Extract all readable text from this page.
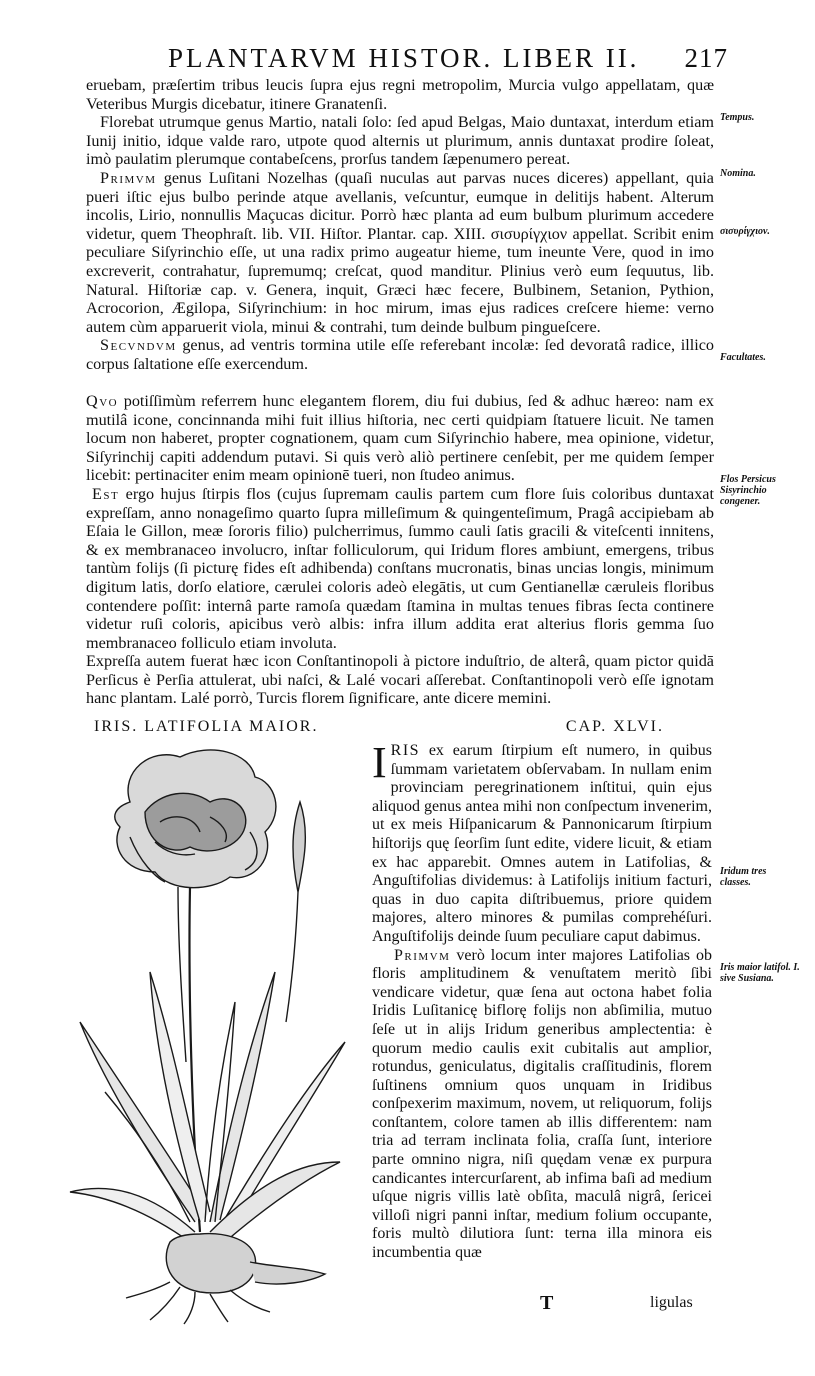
PLANTARVM HISTOR. LIBER II. 217

eruebam, præſertim tribus leucis ſupra ejus regni metropolim, Murcia vulgo appellatam, quæ Veteribus Murgis dicebatur, itinere Granatenſi.

Florebat utrumque genus Martio, natali ſolo: ſed apud Belgas, Maio duntaxat, interdum etiam Iunij initio, idque valde raro, utpote quod alternis ut plurimum, annis duntaxat prodire ſoleat, imò paulatim plerumque contabeſcens, prorſus tandem ſæpenumero pereat.

Primvm genus Luſitani Nozelhas (quaſi nuculas aut parvas nuces diceres) appellant, quia pueri iſtic ejus bulbo perinde atque avellanis, veſcuntur, eumque in delitijs habent. Alterum incolis, Lirio, nonnullis Maçucas dicitur. Porrò hæc planta ad eum bulbum plurimum accedere videtur, quem Theophraſt. lib. VII. Hiſtor. Plantar. cap. XIII. σισυρίγχιον appellat. Scribit enim peculiare Siſyrinchio eſſe, ut una radix primo augeatur hieme, tum ineunte Vere, quod in imo excreverit, contrahatur, ſupremumq; creſcat, quod manditur. Plinius verò eum ſequutus, lib. Natural. Hiſtoriæ cap. v. Genera, inquit, Græci hæc fecere, Bulbinem, Setanion, Pythion, Acrocorion, Ægilopa, Siſyrinchium: in hoc mirum, imas ejus radices creſcere hieme: verno autem cùm apparuerit viola, minui & contrahi, tum deinde bulbum pingueſcere.

Secvndvm genus, ad ventris tormina utile eſſe referebant incolæ: ſed devoratâ radice, illico corpus ſaltatione eſſe exercendum.

Qvo potiſſimùm referrem hunc elegantem florem, diu fui dubius, ſed & adhuc hæreo: nam ex mutilâ icone, concinnanda mihi fuit illius hiſtoria, nec certi quidpiam ſtatuere licuit. Ne tamen locum non haberet, propter cognationem, quam cum Siſyrinchio habere, mea opinione, videtur, Siſyrinchij capiti addendum putavi. Si quis verò aliò pertinere cenſebit, per me quidem ſemper licebit: pertinaciter enim meam opinionē tueri, non ſtudeo animus.

Est ergo hujus ſtirpis flos (cujus ſupremam caulis partem cum flore ſuis coloribus duntaxat expreſſam, anno nonageſimo quarto ſupra milleſimum & quingenteſimum, Pragâ accipiebam ab Eſaia le Gillon, meæ ſororis filio) pulcherrimus, ſummo cauli ſatis gracili & viteſcenti innitens, & ex membranaceo involucro, inſtar folliculorum, qui Iridum flores ambiunt, emergens, tribus tantùm folijs (ſi picturę fides eſt adhibenda) conſtans mucronatis, binas uncias longis, minimum digitum latis, dorſo elatiore, cærulei coloris adeò elegātis, ut cum Gentianellæ cæruleis floribus contendere poſſit: internâ parte ramoſa quædam ſtamina in multas tenues fibras ſecta continere videtur ruſi coloris, apicibus verò albis: infra illum addita erat alterius floris gemma ſuo membranaceo folliculo etiam involuta.

Expreſſa autem fuerat hæc icon Conſtantinopoli à pictore induſtrio, de alterâ, quam pictor quidā Perſicus è Perſia attulerat, ubi naſci, & Lalé vocari aſſerebat. Conſtantinopoli verò eſſe ignotam hanc plantam. Lalé porrò, Turcis florem ſignificare, ante dicere memini.

Tempus.
Nomina.
σισυρίγχιον.
Facultates.
Flos Persicus Sisyrinchio congener.
Iridum tres classes.
Iris maior latifol. I. sive Susiana.
IRIS. LATIFOLIA MAIOR.	CAP. XLVI.
I RIS ex earum ſtirpium eſt numero, in quibus ſummam varietatem obſervabam. In nullam enim provinciam peregrinationem inſtitui, quin ejus aliquod genus antea mihi non conſpectum invenerim, ut ex meis Hiſpanicarum & Pannonicarum ſtirpium hiſtorijs quę ſeorſim ſunt edite, videre licuit, & etiam ex hac apparebit. Omnes autem in Latifolias, & Anguſtifolias dividemus: à Latifolijs initium facturi, quas in duo capita diſtribuemus, priore quidem majores, altero minores & pumilas comprehéſuri. Anguſtifolijs deinde ſuum peculiare caput dabimus.

Primvm verò locum inter majores Latifolias ob floris amplitudinem & venuſtatem meritò ſibi vendicare videtur, quæ ſena aut octona habet folia Iridis Luſitanicę biflorę folijs non abſimilia, mutuo ſeſe ut in alijs Iridum generibus amplectentia: è quorum medio caulis exit cubitalis aut amplior, rotundus, geniculatus, digitalis craſſitudinis, florem ſuſtinens omnium quos unquam in Iridibus conſpexerim maximum, novem, ut reliquorum, folijs conſtantem, colore tamen ab illis differentem: nam tria ad terram inclinata folia, craſſa ſunt, interiore parte omnino nigra, niſi quędam venæ ex purpura candicantes intercurſarent, ab infima baſi ad medium uſque nigris villis latè obſita, maculâ nigrâ, ſericei villoſi nigri panni inſtar, medium folium occupante, foris multò dilutiora ſunt: terna illa minora eis incumbentia quæ

T	ligulas
